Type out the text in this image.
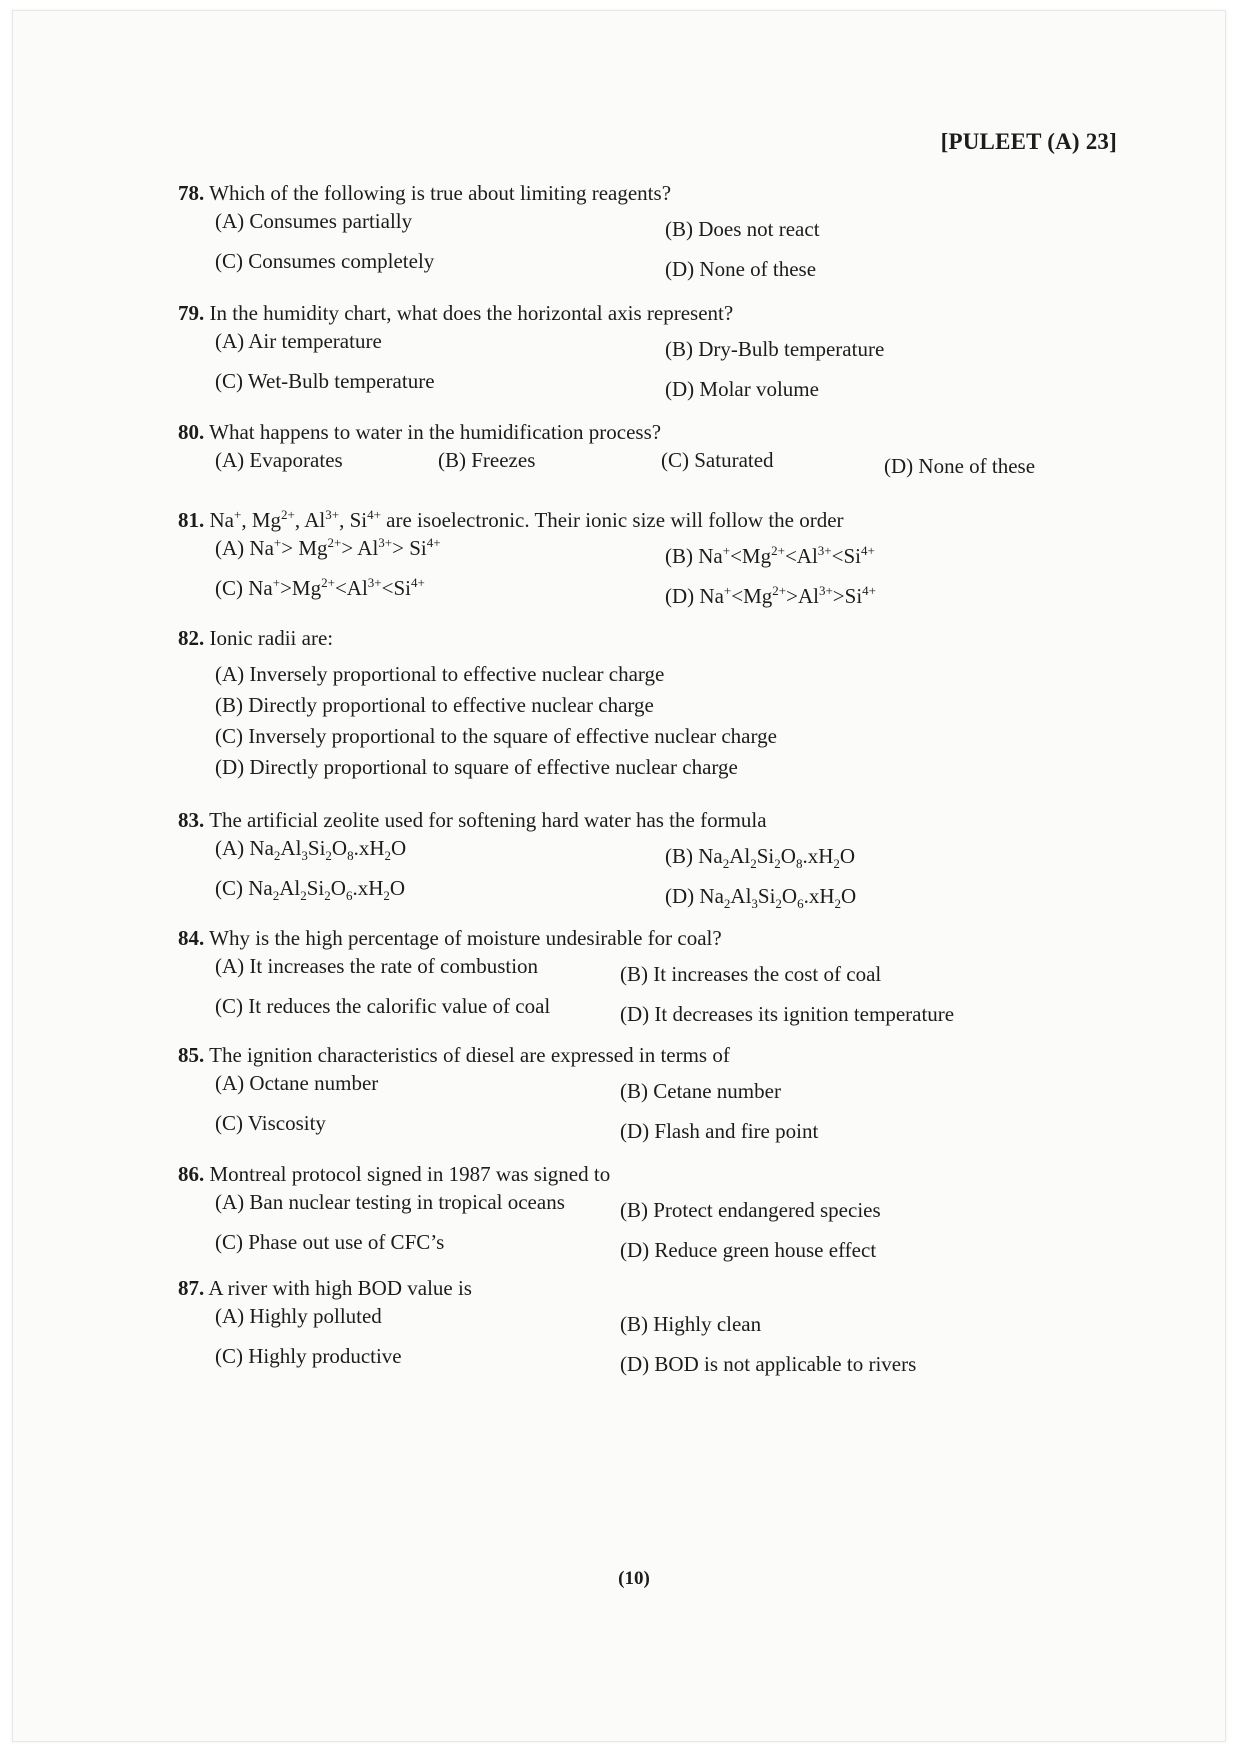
[PULEET (A) 23]
78. Which of the following is true about limiting reagents?
(A) Consumes partially	(B) Does not react
(C) Consumes completely	(D) None of these
79. In the humidity chart, what does the horizontal axis represent?
(A) Air temperature	(B) Dry-Bulb temperature
(C) Wet-Bulb temperature	(D) Molar volume
80. What happens to water in the humidification process?
(A) Evaporates	(B) Freezes	(C) Saturated	(D) None of these
81. Na+, $Mg^{2+}$, $Al^{3+}$, $Si^{4+}$ are isoelectronic. Their ionic size will follow the order
(A) $Na^+> Mg^{2+}> Al^{3+}> Si^{4+}$
(B) $Na^+<Mg^{2+}<Al^{3+}<Si^{4+}$
(C) $Na^+>Mg^{2+}<Al^{3+}<Si^{4+}$
(D) $Na^+<Mg^{2+}>Al^{3+}>Si^{4+}$
82. Ionic radii are:
(A) Inversely proportional to effective nuclear charge
(B) Directly proportional to effective nuclear charge
(C) Inversely proportional to the square of effective nuclear charge
(D) Directly proportional to square of effective nuclear charge
83. The artificial zeolite used for softening hard water has the formula
(A) $Na_2Al_3Si_2O_8.xH_2O$	(B) $Na_2Al_2Si_2O_8.xH_2O$
(C) $Na_2Al_2Si_2O_6.xH_2O$	(D) $Na_2Al_3Si_2O_6.xH_2O$
84. Why is the high percentage of moisture undesirable for coal?
(A) It increases the rate of combustion	(B) It increases the cost of coal
(C) It reduces the calorific value of coal	(D) It decreases its ignition temperature
85. The ignition characteristics of diesel are expressed in terms of
(A) Octane number	(B) Cetane number
(C) Viscosity	(D) Flash and fire point
86. Montreal protocol signed in 1987 was signed to
(A) Ban nuclear testing in tropical oceans	(B) Protect endangered species
(C) Phase out use of CFC’s	(D) Reduce green house effect
87. A river with high BOD value is
(A) Highly polluted	(B) Highly clean
(C) Highly productive	(D) BOD is not applicable to rivers
(10)
